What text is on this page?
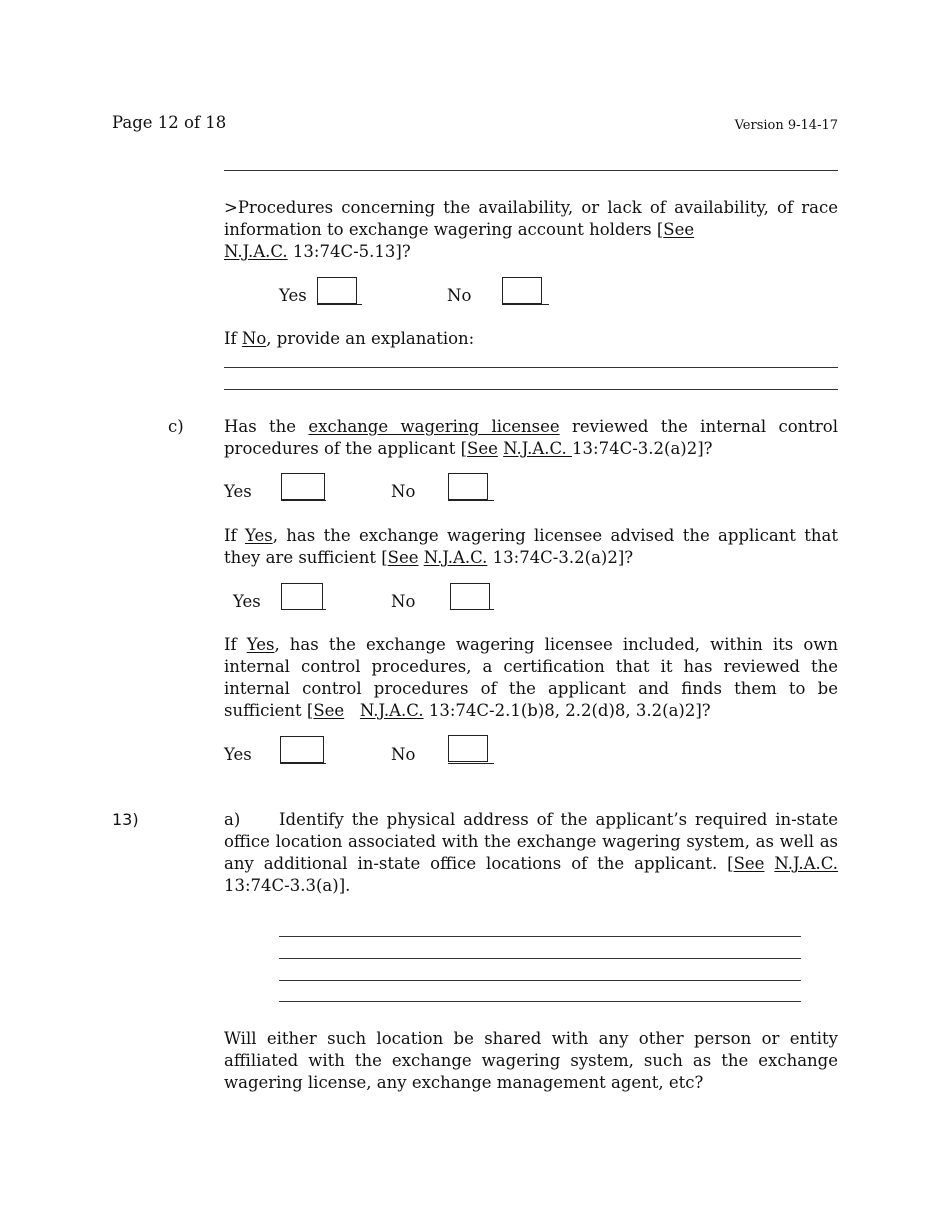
Page 12 of 18	Version 9-14-17
>Procedures concerning the availability, or lack of availability, of race information to exchange wagering account holders [See
N.J.A.C. 13:74C-5.13]?
Yes	No
If No, provide an explanation:
c) Has the exchange wagering licensee reviewed the internal control procedures of the applicant [See N.J.A.C. 13:74C-3.2(a)2]?
Yes	No
If Yes, has the exchange wagering licensee advised the applicant that they are sufficient [See N.J.A.C. 13:74C-3.2(a)2]?
Yes	No
If Yes, has the exchange wagering licensee included, within its own internal control procedures, a certification that it has reviewed the internal control procedures of the applicant and finds them to be sufficient [See N.J.A.C. 13:74C-2.1(b)8, 2.2(d)8, 3.2(a)2]?
Yes	No
13)	a)	Identify the physical address of the applicant’s required in-state office location associated with the exchange wagering system, as well as any additional in-state office locations of the applicant. [See N.J.A.C. 13:74C-3.3(a)].
Will either such location be shared with any other person or entity affiliated with the exchange wagering system, such as the exchange wagering license, any exchange management agent, etc?
